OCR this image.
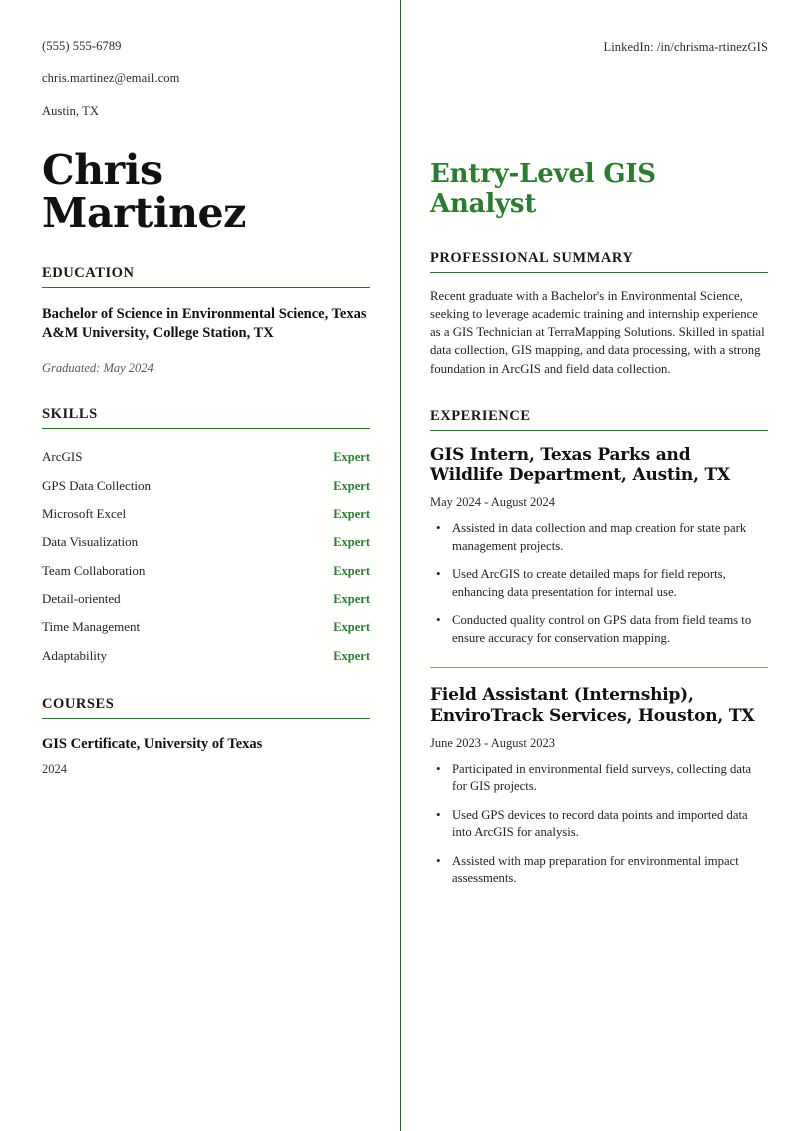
(555) 555-6789
chris.martinez@email.com
Austin, TX
Chris
Martinez
EDUCATION
Bachelor of Science in Environmental Science, Texas A&M University, College Station, TX
Graduated: May 2024
SKILLS
ArcGIS	Expert
GPS Data Collection	Expert
Microsoft Excel	Expert
Data Visualization	Expert
Team Collaboration	Expert
Detail-oriented	Expert
Time Management	Expert
Adaptability	Expert
COURSES
GIS Certificate, University of Texas
2024
LinkedIn: /in/chrisma-rtinezGIS
Entry-Level GIS Analyst
PROFESSIONAL SUMMARY

Recent graduate with a Bachelor's in Environmental Science, seeking to leverage academic training and internship experience as a GIS Technician at TerraMapping Solutions. Skilled in spatial data collection, GIS mapping, and data processing, with a strong foundation in ArcGIS and field data collection.

EXPERIENCE
GIS Intern, Texas Parks and Wildlife Department, Austin, TX
May 2024 - August 2024
• Assisted in data collection and map creation for state park management projects.
• Used ArcGIS to create detailed maps for field reports, enhancing data presentation for internal use.
• Conducted quality control on GPS data from field teams to ensure accuracy for conservation mapping.
Field Assistant (Internship), EnviroTrack Services, Houston, TX
June 2023 - August 2023
• Participated in environmental field surveys, collecting data for GIS projects.
• Used GPS devices to record data points and imported data into ArcGIS for analysis.
• Assisted with map preparation for environmental impact assessments.
